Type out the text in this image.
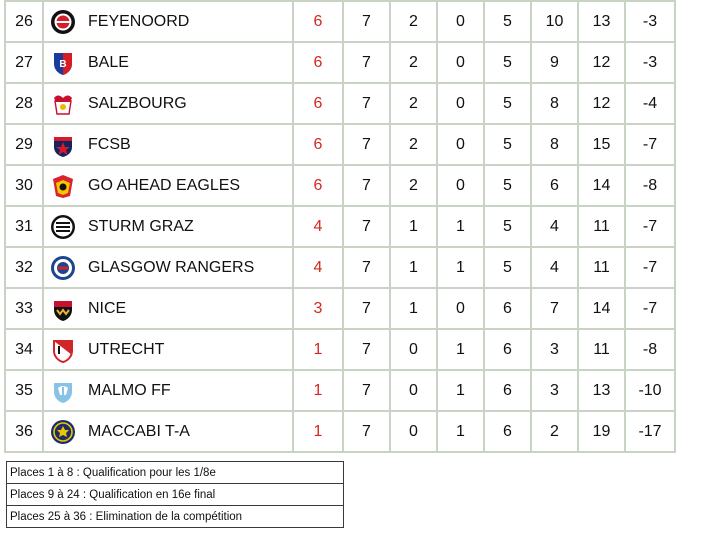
26	FEYENOORD	6	7	2	0	5	10	13	-3
27	B BALE	6	7	2	0	5	9	12	-3
28	SALZBOURG	6	7	2	0	5	8	12	-4
29	FCSB	6	7	2	0	5	8	15	-7
30	GO AHEAD EAGLES	6	7	2	0	5	6	14	-8
31	STURM GRAZ	4	7	1	1	5	4	11	-7
32	GLASGOW RANGERS	4	7	1	1	5	4	11	-7
33	NICE	3	7	1	0	6	7	14	-7
34	UTRECHT	1	7	0	1	6	3	11	-8
35	MALMO FF	1	7	0	1	6	3	13	-10
36	MACCABI T-A	1	7	0	1	6	2	19	-17
Places 1 à 8 : Qualification pour les 1/8e
Places 9 à 24 : Qualification en 16e final
Places 25 à 36 : Elimination de la compétition
